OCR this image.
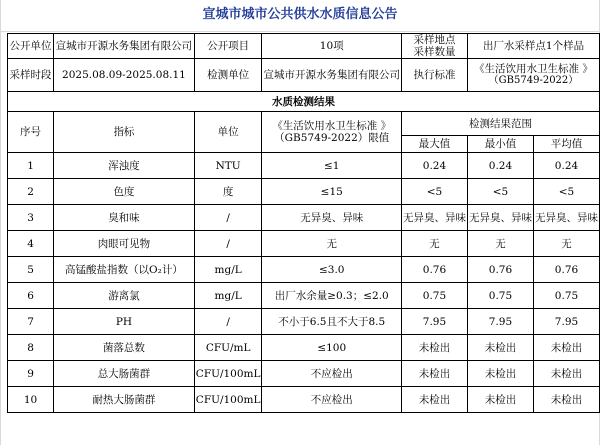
宣城市城市公共供水水质信息公告
公开单位	宣城市开源水务集团有限公司	公开项目	10项	采样地点
采样数量	出厂水采样点1个样品	
采样时段	2025.08.09-2025.08.11	检测单位	宣城市开源水务集团有限公司	执行标准	《生活饮用水卫生标准 》
（GB5749-2022）	

水质检测结果						
序号	指标	单位	《生活饮用水卫生标准 》
（GB5749-2022）限值	检测结果范围		
				最大值	最小值	平均值
1	浑浊度	NTU	≤1	0.24	0.24	0.24
2	色度	度	≤15	<5	<5	<5
3	臭和味	/	无异臭、异味	无异臭、异味	无异臭、异味	无异臭、异味
4	肉眼可见物	/	无	无	无	无
5	高锰酸盐指数（以O₂计）	mg/L	≤3.0	0.76	0.76	0.76
6	游离氯	mg/L	出厂水余量≥0.3；≤2.0	0.75	0.75	0.75
7	PH	/	不小于6.5且不大于8.5	7.95	7.95	7.95
8	菌落总数	CFU/mL	≤100	未检出	未检出	未检出
9	总大肠菌群	CFU/100mL	不应检出	未检出	未检出	未检出
10	耐热大肠菌群	CFU/100mL	不应检出	未检出	未检出	未检出
